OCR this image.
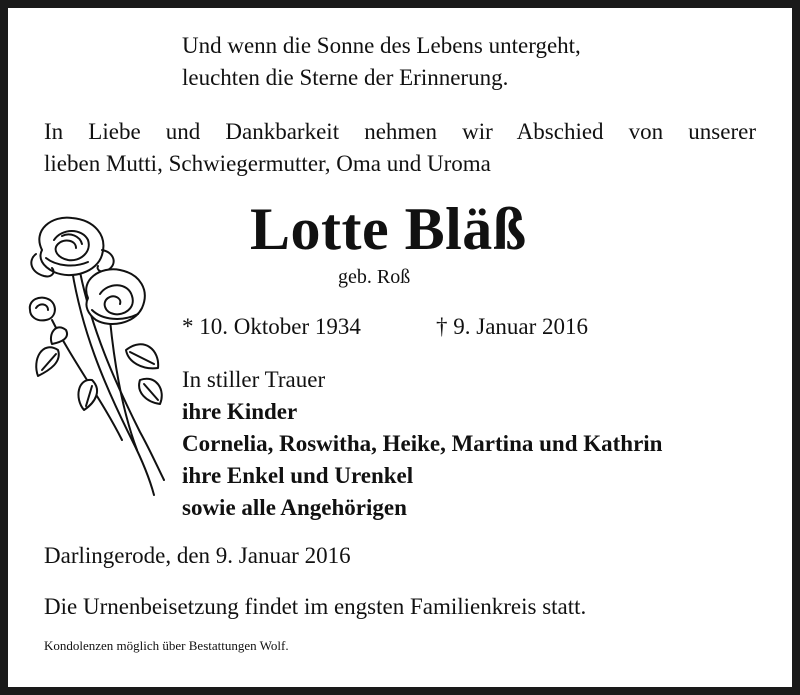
Und wenn die Sonne des Lebens untergeht,
leuchten die Sterne der Erinnerung.
In Liebe und Dankbarkeit nehmen wir Abschied von unserer
lieben Mutti, Schwiegermutter, Oma und Uroma
Lotte Bläß
geb. Roß
* 10. Oktober 1934	† 9. Januar 2016
In stiller Trauer
ihre Kinder
Cornelia, Roswitha, Heike, Martina und Kathrin
ihre Enkel und Urenkel
sowie alle Angehörigen
Darlingerode, den 9. Januar 2016
Die Urnenbeisetzung findet im engsten Familienkreis statt.
Kondolenzen möglich über Bestattungen Wolf.
